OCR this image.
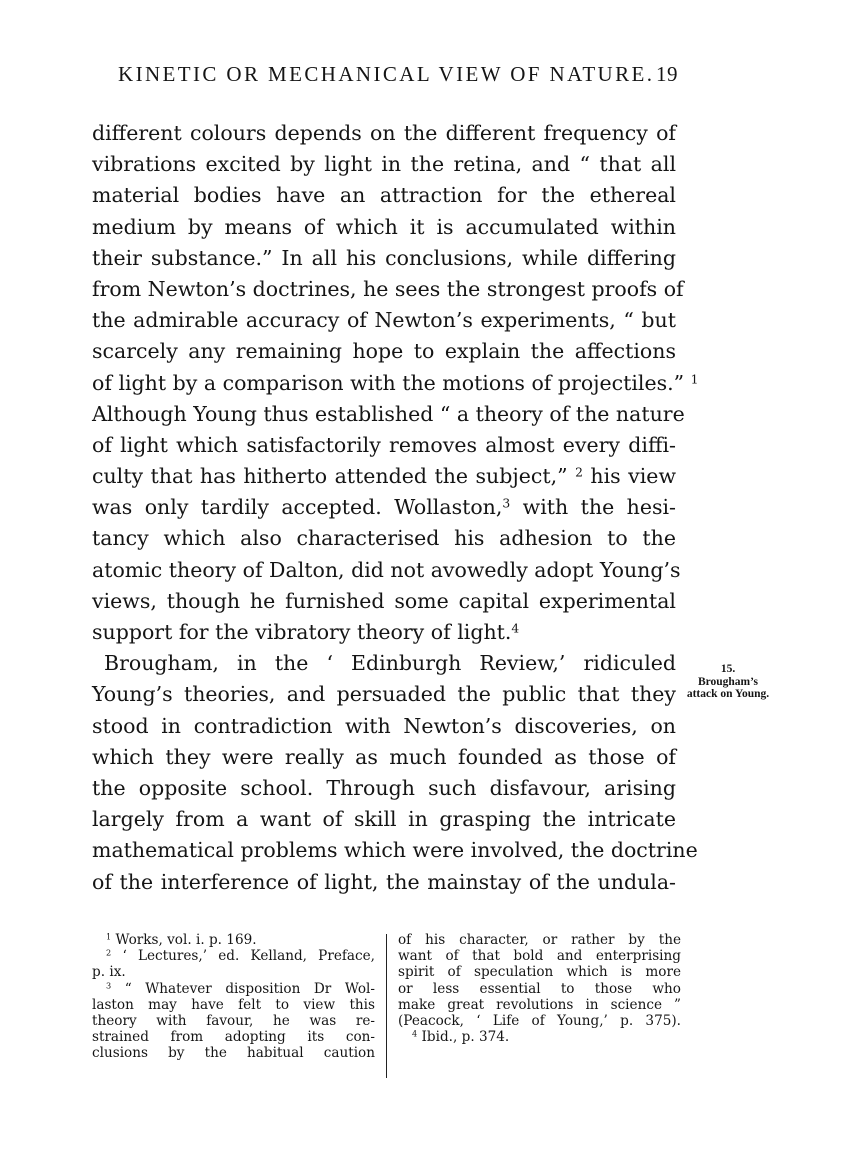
KINETIC OR MECHANICAL VIEW OF NATURE. 19
different colours depends on the different frequency of
vibrations excited by light in the retina, and “ that all
material bodies have an attraction for the ethereal
medium by means of which it is accumulated within
their substance.” In all his conclusions, while differing
from Newton’s doctrines, he sees the strongest proofs of
the admirable accuracy of Newton’s experiments, “ but
scarcely any remaining hope to explain the affections
of light by a comparison with the motions of projectiles.” $^1$
Although Young thus established “ a theory of the nature
of light which satisfactorily removes almost every diffi-
culty that has hitherto attended the subject,” $^2$ his view
was only tardily accepted. Wollaston,$^3$ with the hesi-
tancy which also characterised his adhesion to the
atomic theory of Dalton, did not avowedly adopt Young’s
views, though he furnished some capital experimental
support for the vibratory theory of light.$^4$
Brougham, in the ‘ Edinburgh Review,’ ridiculed
Young’s theories, and persuaded the public that they
stood in contradiction with Newton’s discoveries, on
which they were really as much founded as those of
the opposite school. Through such disfavour, arising
largely from a want of skill in grasping the intricate
mathematical problems which were involved, the doctrine
of the interference of light, the mainstay of the undula-
15.
Brougham’s attack on Young.
$^1$ Works, vol. i. p. 169.
$^2$ ‘ Lectures,’ ed. Kelland, Preface,
p. ix.
$^3$ “ Whatever disposition Dr Wol-
laston may have felt to view this
theory with favour, he was re-
strained from adopting its con-
clusions by the habitual caution
of his character, or rather by the
want of that bold and enterprising
spirit of speculation which is more
or less essential to those who
make great revolutions in science ”
(Peacock, ‘ Life of Young,’ p. 375).
$^4$ Ibid., p. 374.
